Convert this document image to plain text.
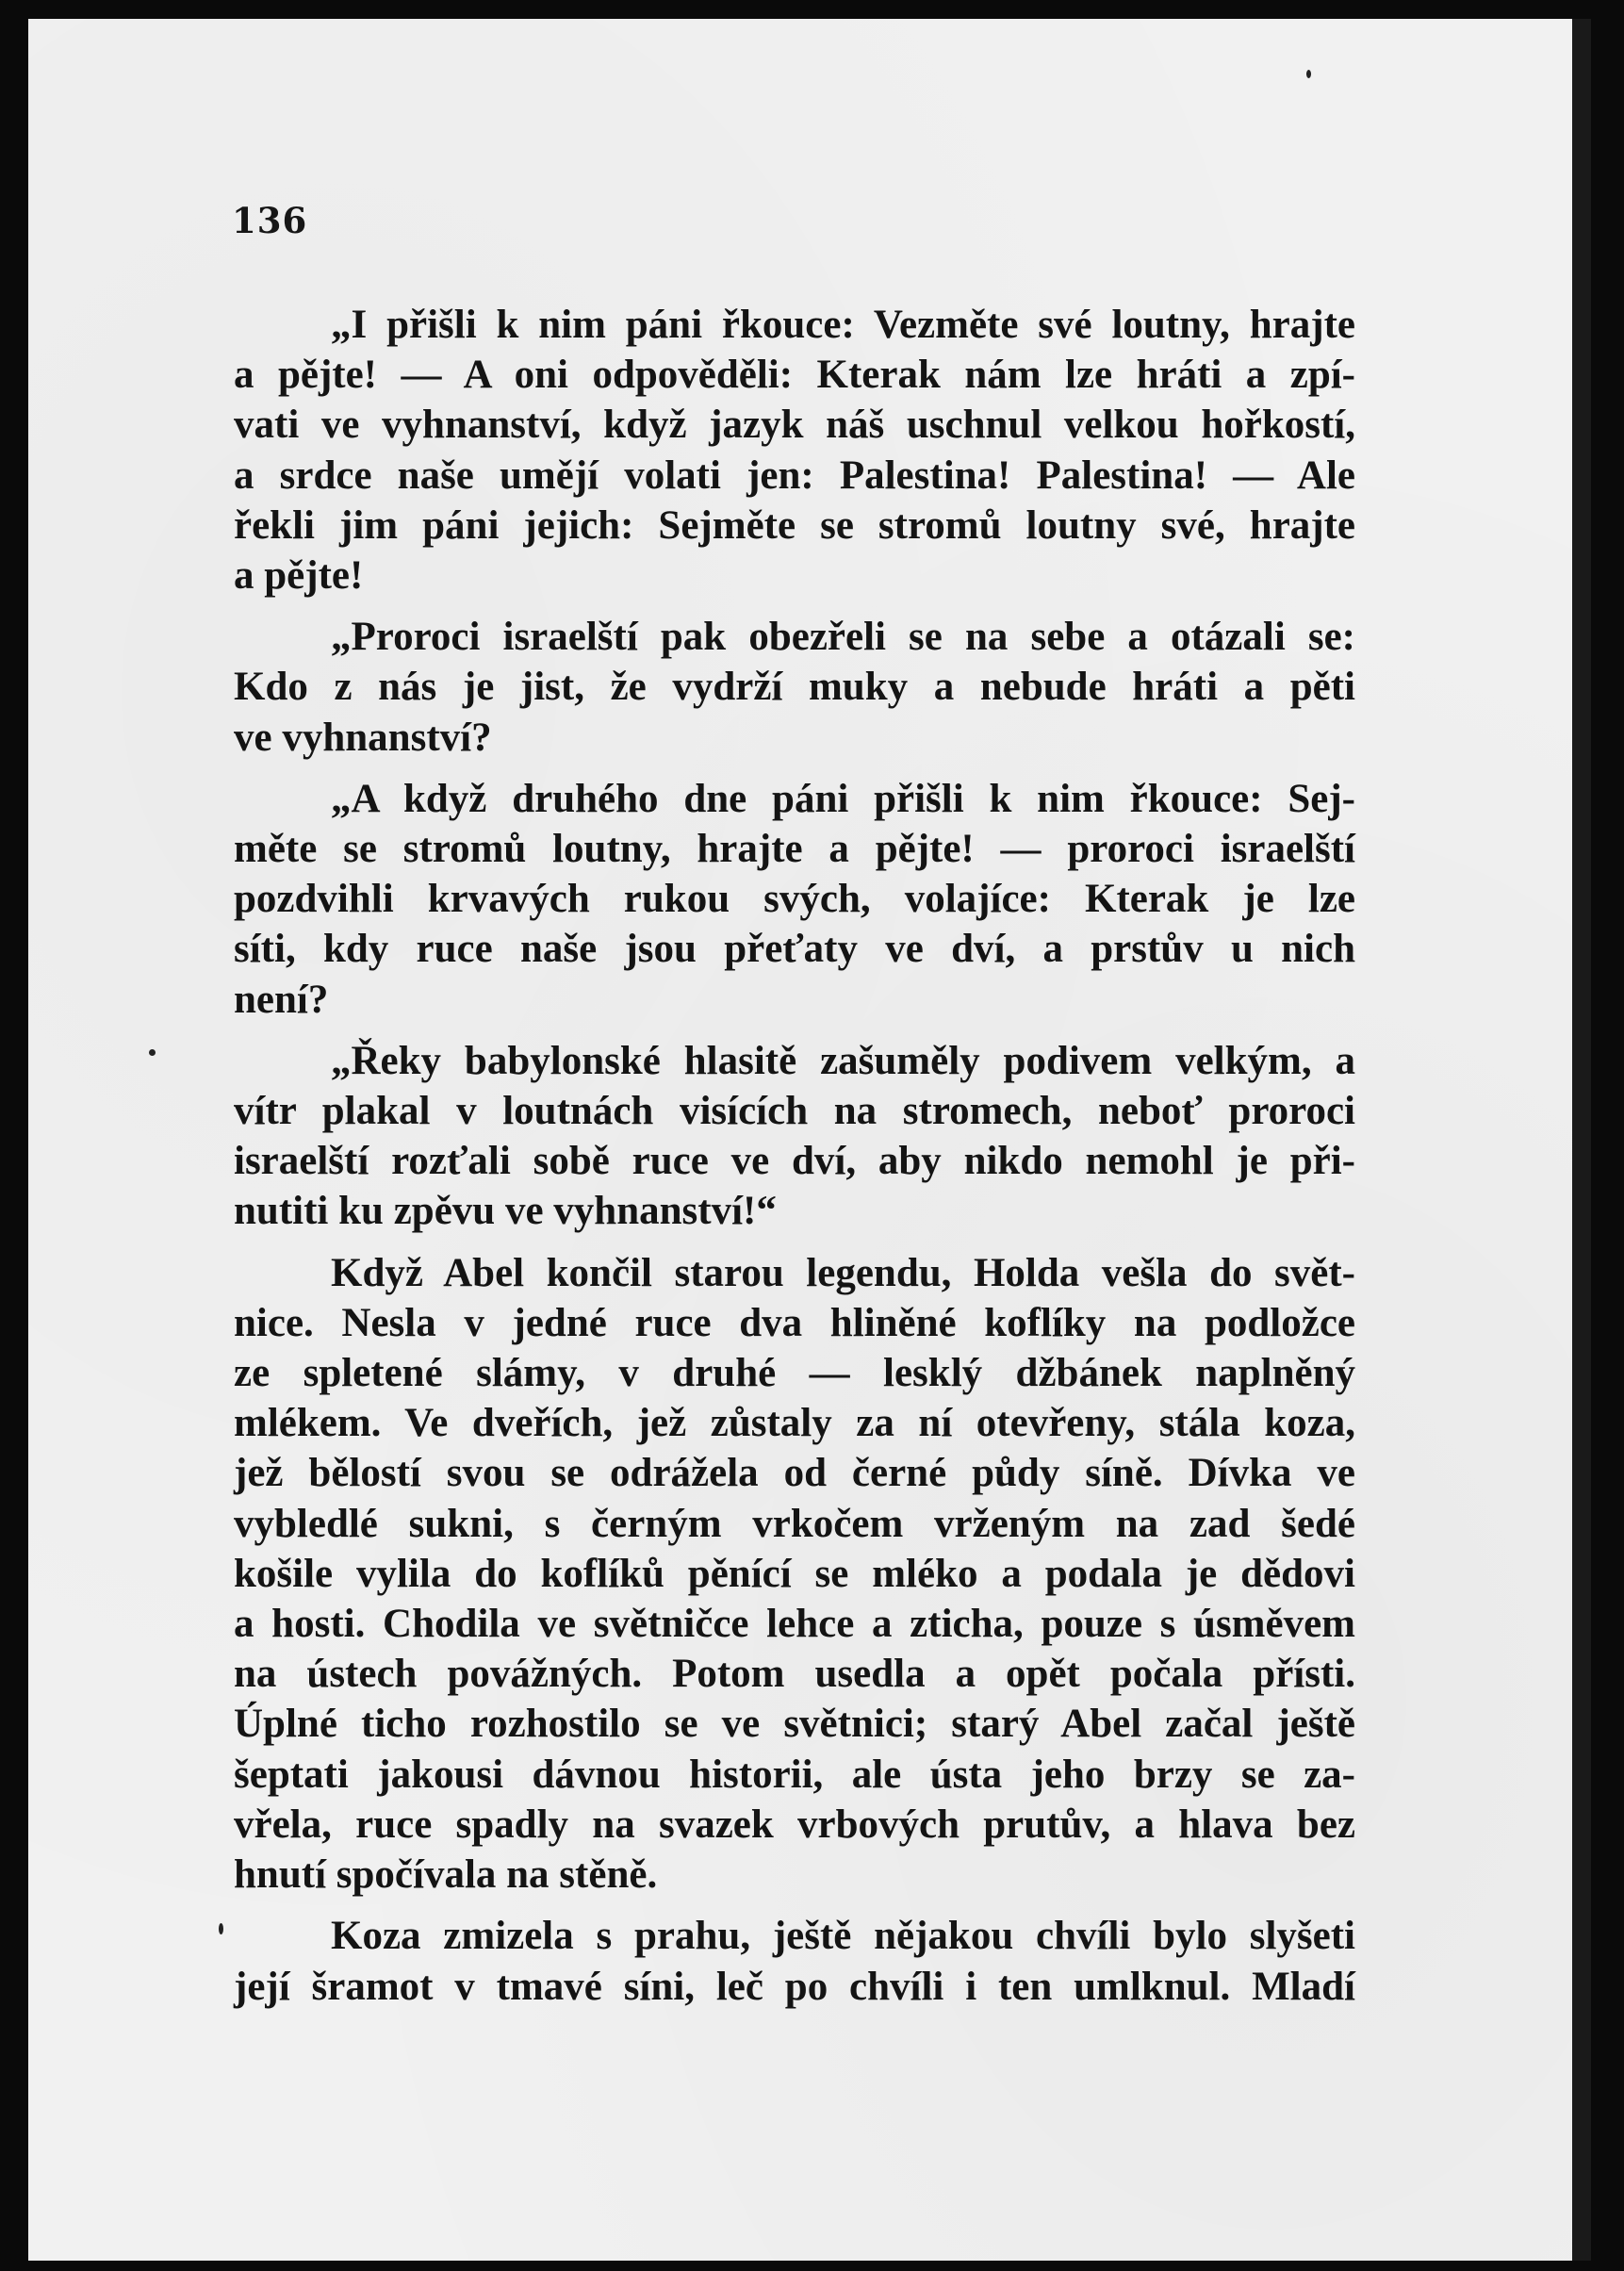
136

„I přišli k nim páni řkouce: Vezměte své loutny, hrajte
a pějte! — A oni odpověděli: Kterak nám lze hráti a zpí-
vati ve vyhnanství, když jazyk náš uschnul velkou hořkostí,
a srdce naše umějí volati jen: Palestina! Palestina! — Ale
řekli jim páni jejich: Sejměte se stromů loutny své, hrajte
a pějte!

„Proroci israelští pak obezřeli se na sebe a otázali se:
Kdo z nás je jist, že vydrží muky a nebude hráti a pěti
ve vyhnanství?

„A když druhého dne páni přišli k nim řkouce: Sej-
měte se stromů loutny, hrajte a pějte! — proroci israelští
pozdvihli krvavých rukou svých, volajíce: Kterak je lze
síti, kdy ruce naše jsou přeťaty ve dví, a prstův u nich
není?

„Řeky babylonské hlasitě zašuměly podivem velkým, a
vítr plakal v loutnách visících na stromech, neboť proroci
israelští rozťali sobě ruce ve dví, aby nikdo nemohl je při-
nutiti ku zpěvu ve vyhnanství!“

Když Abel končil starou legendu, Holda vešla do svět-
nice. Nesla v jedné ruce dva hliněné koflíky na podložce
ze spletené slámy, v druhé — lesklý džbánek naplněný
mlékem. Ve dveřích, jež zůstaly za ní otevřeny, stála koza,
jež bělostí svou se odrážela od černé půdy síně. Dívka ve
vybledlé sukni, s černým vrkočem vrženým na zad šedé
košile vylila do koflíků pěnící se mléko a podala je dědovi
a hosti. Chodila ve světničce lehce a zticha, pouze s úsměvem
na ústech povážných. Potom usedla a opět počala přísti.
Úplné ticho rozhostilo se ve světnici; starý Abel začal ještě
šeptati jakousi dávnou historii, ale ústa jeho brzy se za-
vřela, ruce spadly na svazek vrbových prutův, a hlava bez
hnutí spočívala na stěně.

Koza zmizela s prahu, ještě nějakou chvíli bylo slyšeti
její šramot v tmavé síni, leč po chvíli i ten umlknul. Mladí
